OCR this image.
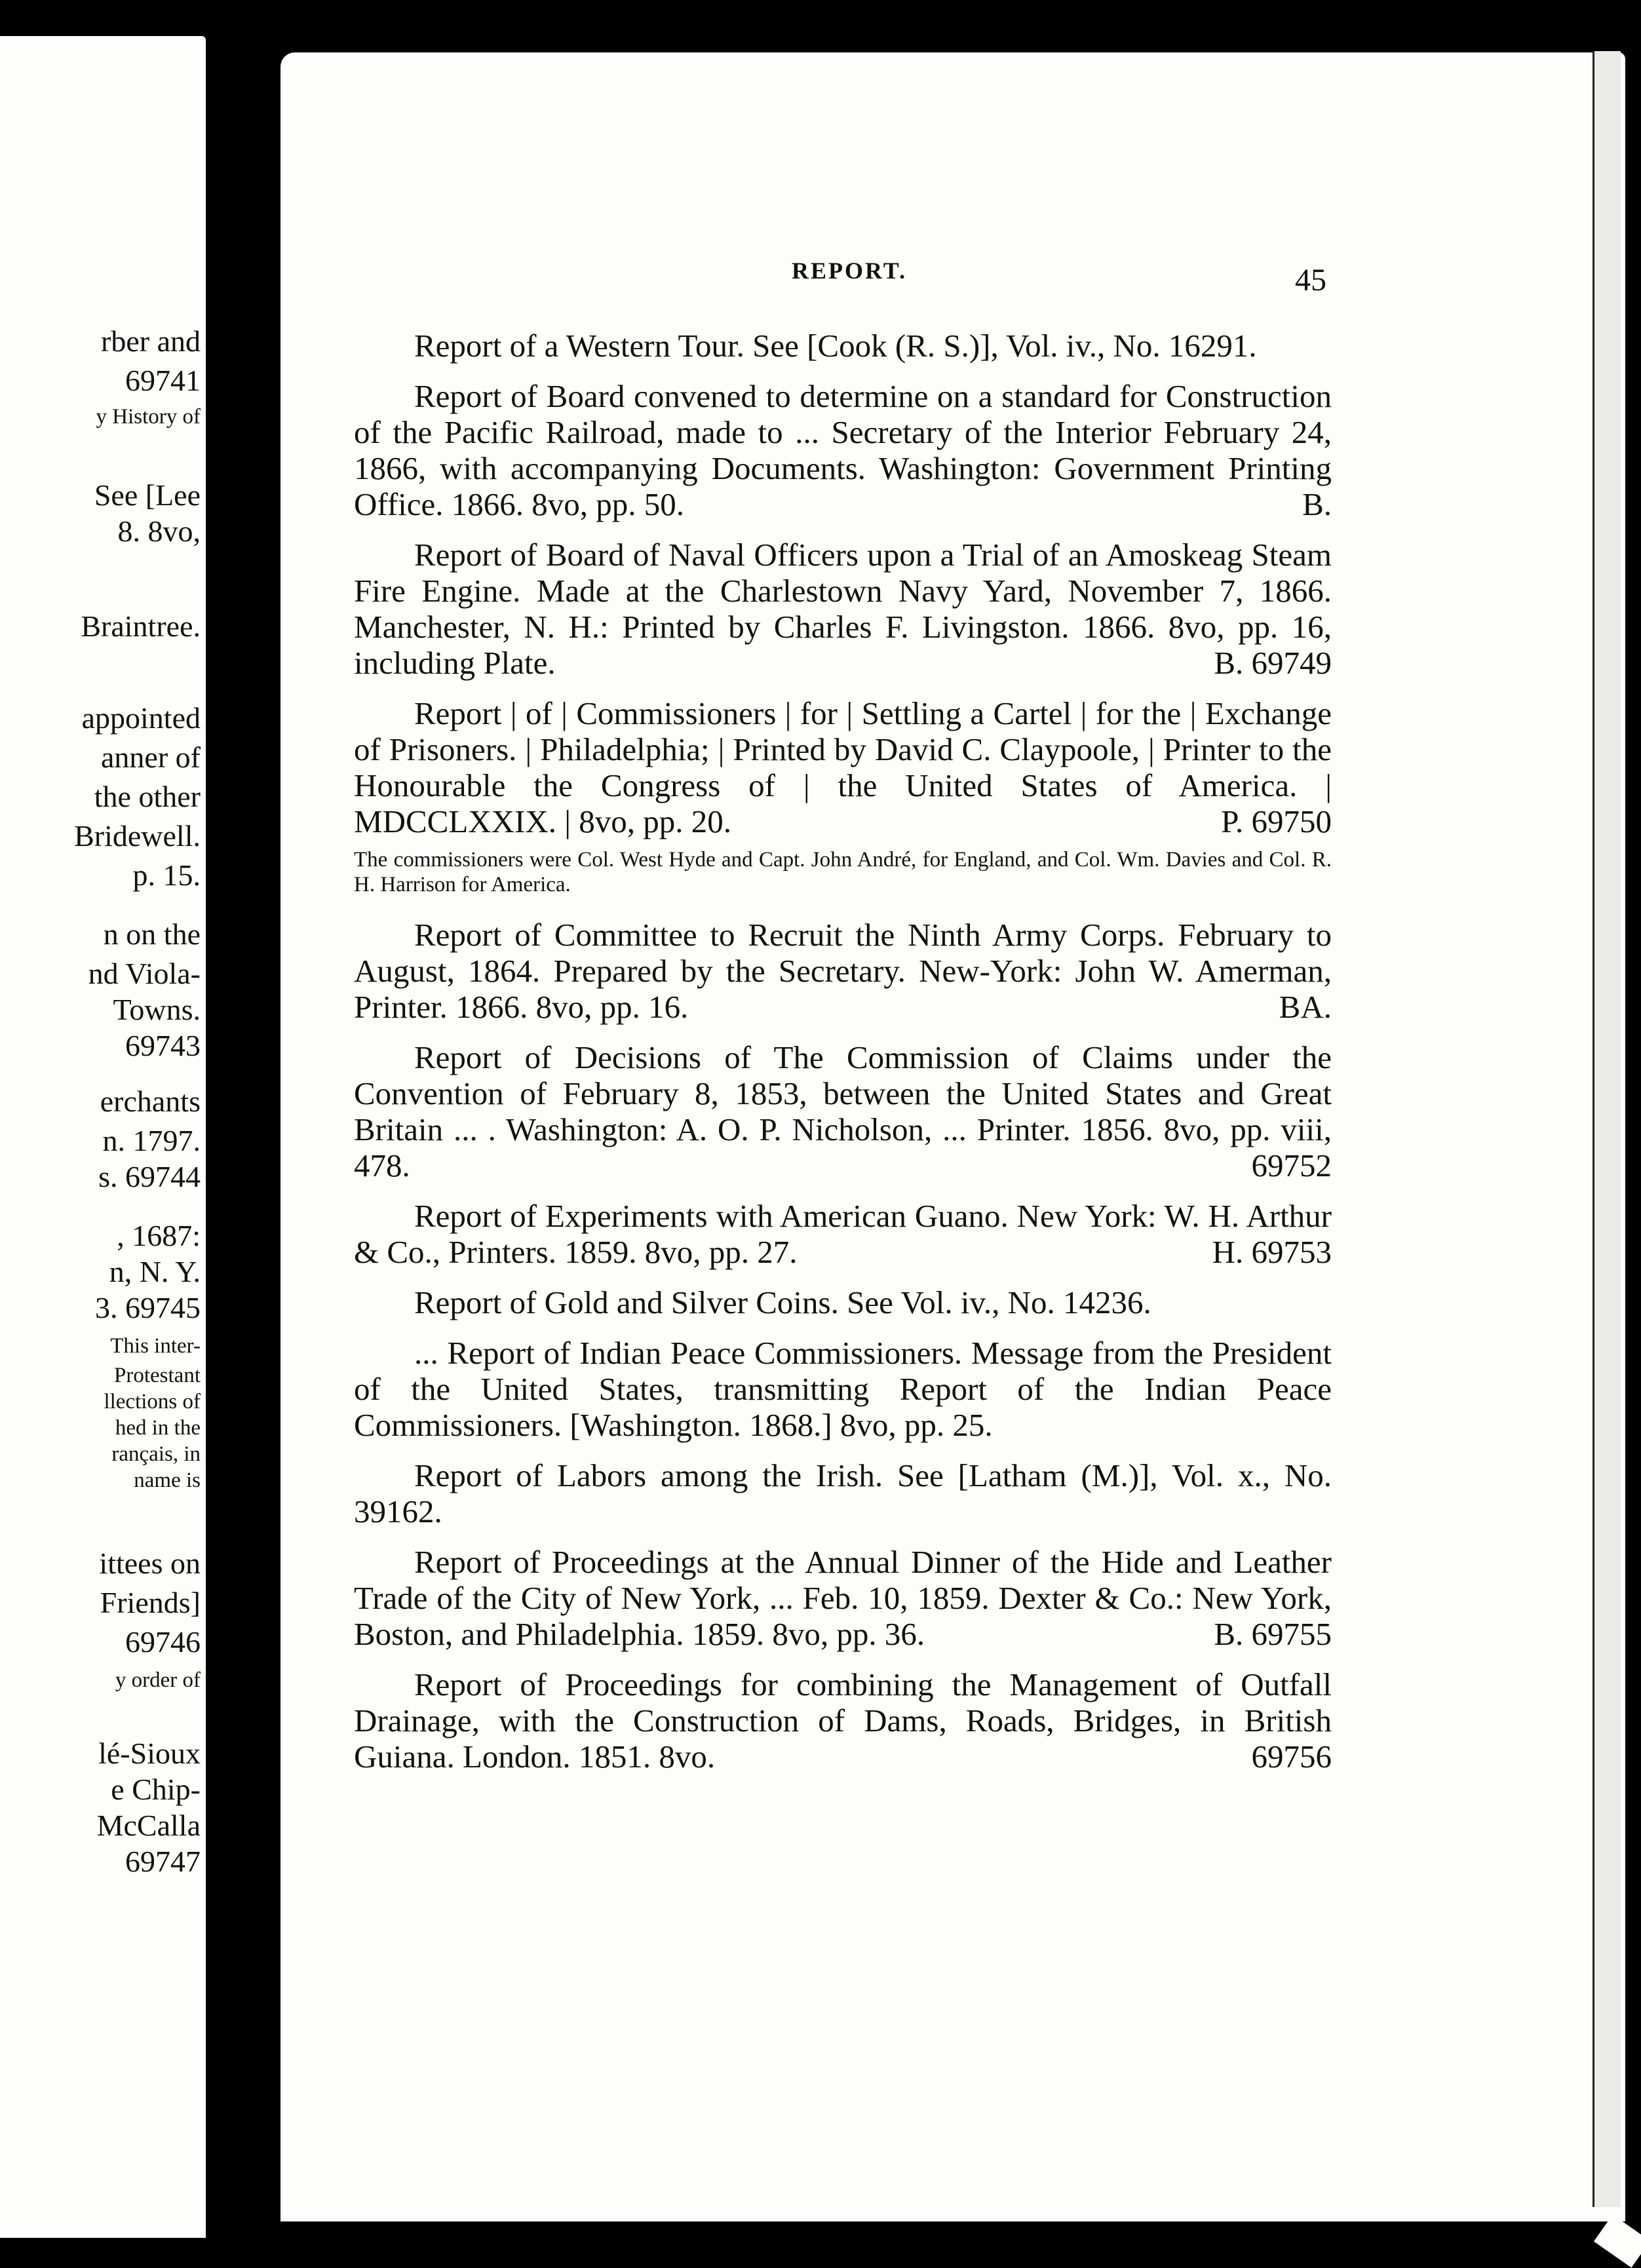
rber and
69741
y History of
See [Lee
8. 8vo,
Braintree.
appointed
anner of
the other
Bridewell.
p. 15.
n on the
nd Viola-
Towns.
69743
erchants
n. 1797.
s. 69744
, 1687:
n, N. Y.
3. 69745
This inter-
Protestant
llections of
hed in the
rançais, in
name is
ittees on
Friends]
69746
y order of
lé-Sioux
e Chip-
McCalla
69747
REPORT.	45
Report of a Western Tour. See [Cook (R. S.)], Vol. iv., No. 16291.
Report of Board convened to determine on a standard for Construction of the Pacific Railroad, made to ... Secretary of the Interior February 24, 1866, with accompanying Documents. Washington: Government Printing Office. 1866. 8vo, pp. 50.	B.
Report of Board of Naval Officers upon a Trial of an Amoskeag Steam Fire Engine. Made at the Charlestown Navy Yard, November 7, 1866. Manchester, N. H.: Printed by Charles F. Livingston. 1866. 8vo, pp. 16, including Plate.	B. 69749
Report | of | Commissioners | for | Settling a Cartel | for the | Exchange of Prisoners. | Philadelphia; | Printed by David C. Claypoole, | Printer to the Honourable the Congress of | the United States of America. | MDCCLXXIX. | 8vo, pp. 20.	P. 69750
The commissioners were Col. West Hyde and Capt. John André, for England, and Col. Wm. Davies and Col. R. H. Harrison for America.
Report of Committee to Recruit the Ninth Army Corps. February to August, 1864. Prepared by the Secretary. New-York: John W. Amerman, Printer. 1866. 8vo, pp. 16.	BA.
Report of Decisions of The Commission of Claims under the Convention of February 8, 1853, between the United States and Great Britain ... . Washington: A. O. P. Nicholson, ... Printer. 1856. 8vo, pp. viii, 478.	69752
Report of Experiments with American Guano. New York: W. H. Arthur & Co., Printers. 1859. 8vo, pp. 27.	H. 69753
Report of Gold and Silver Coins. See Vol. iv., No. 14236.
... Report of Indian Peace Commissioners. Message from the President of the United States, transmitting Report of the Indian Peace Commissioners. [Washington. 1868.] 8vo, pp. 25.
Report of Labors among the Irish. See [Latham (M.)], Vol. x., No. 39162.
Report of Proceedings at the Annual Dinner of the Hide and Leather Trade of the City of New York, ... Feb. 10, 1859. Dexter & Co.: New York, Boston, and Philadelphia. 1859. 8vo, pp. 36.	B. 69755
Report of Proceedings for combining the Management of Outfall Drainage, with the Construction of Dams, Roads, Bridges, in British Guiana. London. 1851. 8vo.	69756
